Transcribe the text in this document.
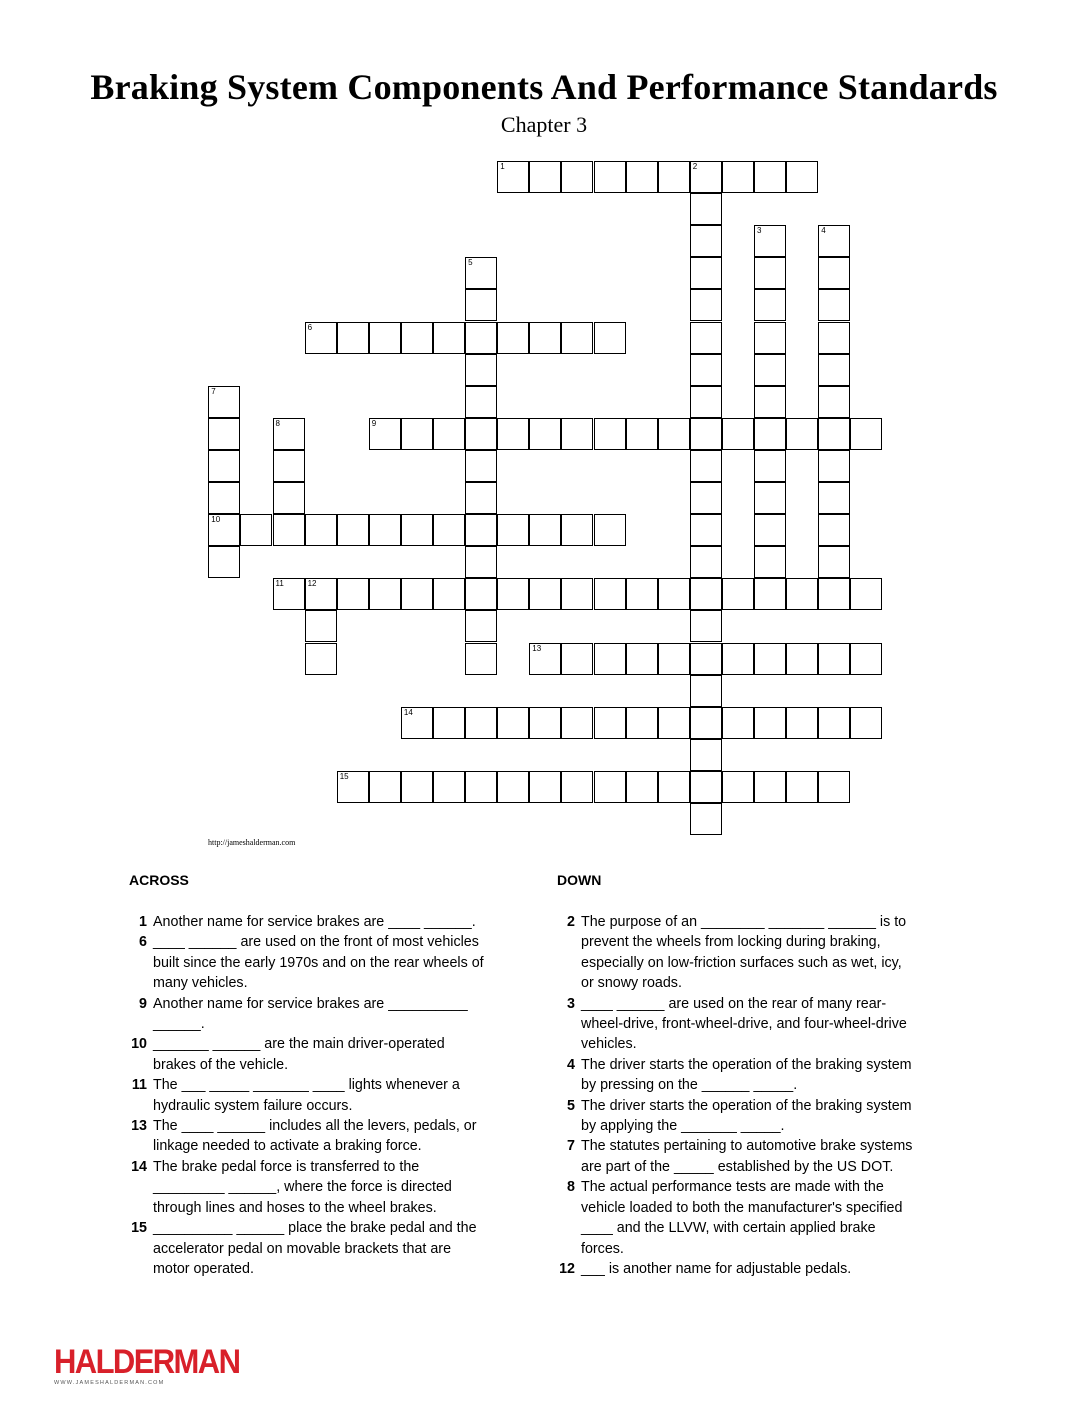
Braking System Components And Performance Standards
Chapter 3
1	2
3	4
5
6
7
10
8	9
11	12
13
14
15
http://jameshalderman.com
ACROSS	DOWN
1 Another name for service brakes are ____ ______.
6 ____ ______ are used on the front of most vehicles
built since the early 1970s and on the rear wheels of
many vehicles.
9 Another name for service brakes are __________
______.
10 _______ ______ are the main driver-operated
brakes of the vehicle.
11 The ___ _____ _______ ____ lights whenever a
hydraulic system failure occurs.
13 The ____ ______ includes all the levers, pedals, or
linkage needed to activate a braking force.
14 The brake pedal force is transferred to the
_________ ______, where the force is directed
through lines and hoses to the wheel brakes.
15 __________ ______ place the brake pedal and the
accelerator pedal on movable brackets that are
motor operated.
2 The purpose of an ________ _______ ______ is to
prevent the wheels from locking during braking,
especially on low-friction surfaces such as wet, icy,
or snowy roads.
3 ____ ______ are used on the rear of many rear-
wheel-drive, front-wheel-drive, and four-wheel-drive
vehicles.
4 The driver starts the operation of the braking system
by pressing on the ______ _____.
5 The driver starts the operation of the braking system
by applying the _______ _____.
7 The statutes pertaining to automotive brake systems
are part of the _____ established by the US DOT.
8 The actual performance tests are made with the
vehicle loaded to both the manufacturer's specified
____ and the LLVW, with certain applied brake
forces.
12 ___ is another name for adjustable pedals.
HALDERMAN
WWW.JAMESHALDERMAN.COM
